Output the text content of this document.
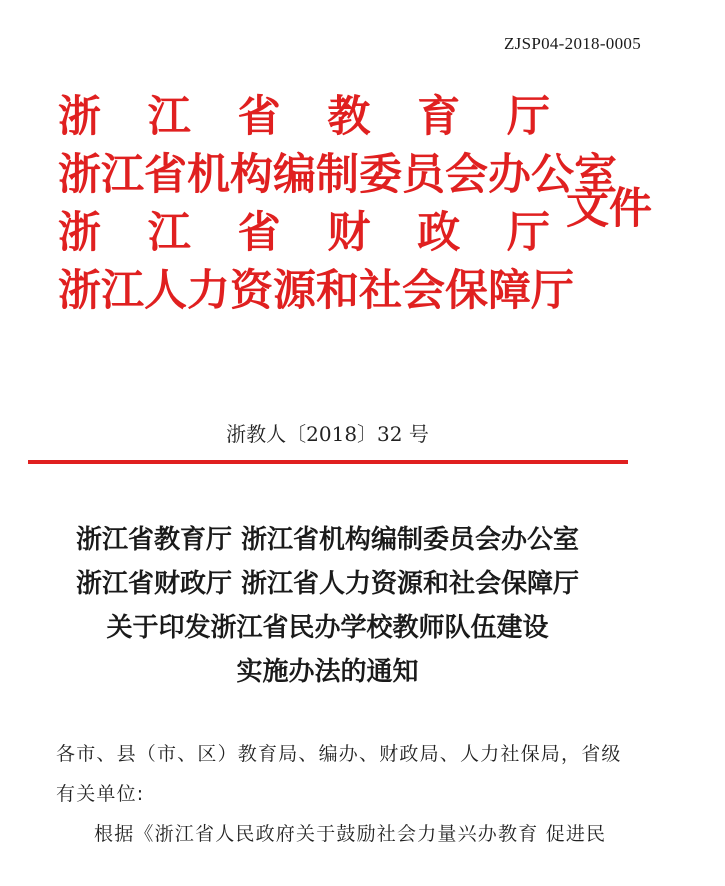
ZJSP04-2018-0005
浙 江 省 教 育 厅
浙江省机构编制委员会办公室
浙 江 省 财 政 厅
浙江人力资源和社会保障厅
文件
浙教人〔2018〕32 号
浙江省教育厅 浙江省机构编制委员会办公室
浙江省财政厅 浙江省人力资源和社会保障厅
关于印发浙江省民办学校教师队伍建设
实施办法的通知
各市、县（市、区）教育局、编办、财政局、人力社保局，省级
有关单位:
根据《浙江省人民政府关于鼓励社会力量兴办教育 促进民
